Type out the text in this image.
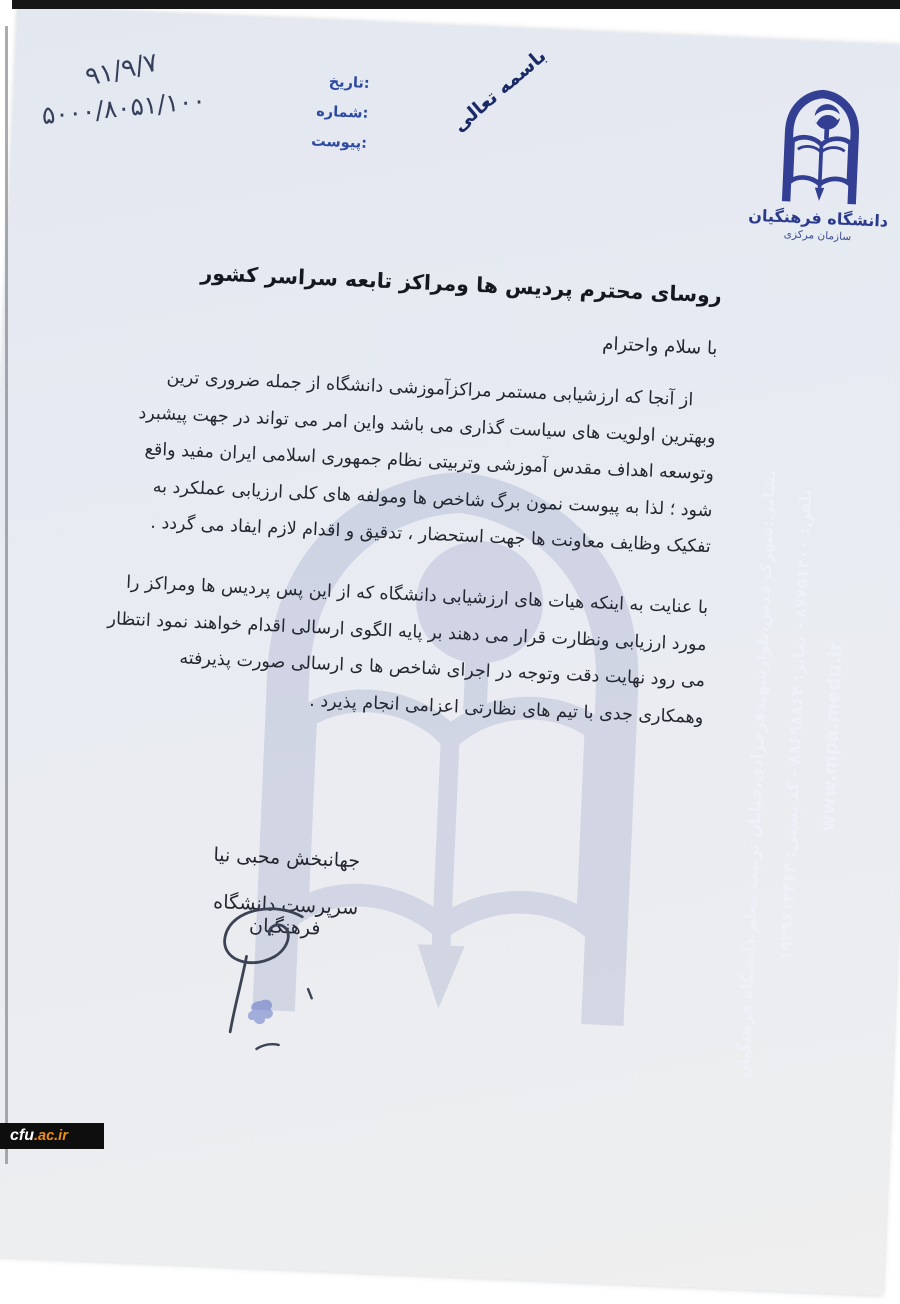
تاریخ:
شماره:
پیوست:
۹۱/۹/۷
۵۰۰۰/۸۰۵۱/۱۰۰	باسمه تعالی
دانشگاه فرهنگیان
سازمان مرکزی
روسای محترم پردیس ها ومراکز تابعه سراسر کشور
با سلام واحترام
از آنجا که ارزشیابی مستمر مراکزآموزشی دانشگاه از جمله ضروری ترین
وبهترین اولویت های سیاست گذاری می باشد واین امر می تواند در جهت پیشبرد
وتوسعه اهداف مقدس آموزشی وتربیتی نظام جمهوری اسلامی ایران مفید واقع
شود ؛ لذا به پیوست نمون برگ شاخص ها ومولفه های کلی ارزیابی عملکرد به
تفکیک وظایف معاونت ها جهت استحضار ، تدقیق و اقدام لازم ایفاد می گردد .
با عنایت به اینکه هیات های ارزشیابی دانشگاه که از این پس پردیس ها ومراکز را
مورد ارزیابی ونظارت قرار می دهند بر پایه الگوی ارسالی اقدام خواهند نمود انتظار
می رود نهایت دقت وتوجه در اجرای شاخص ها ی ارسالی صورت پذیرفته
وهمکاری جدی با تیم های نظارتی اعزامی انجام پذیرد .
جهانبخش محبی نیا
سرپرست دانشگاه فرهنگیان	نشانی:شهرک قدس،بلوارشهیدفرحزادی،خیابان تربیت معلم،دانشگاه فرهنگیان
تلفن: ۸۷۷۵۱۲۰۰ - نمابر: ۸۸۶۹۸۸۶۴ - کد پستی: ۱۹۳۹۶۱۴۴۶۴
www.mpa.medu.ir
cfu .ac.ir
